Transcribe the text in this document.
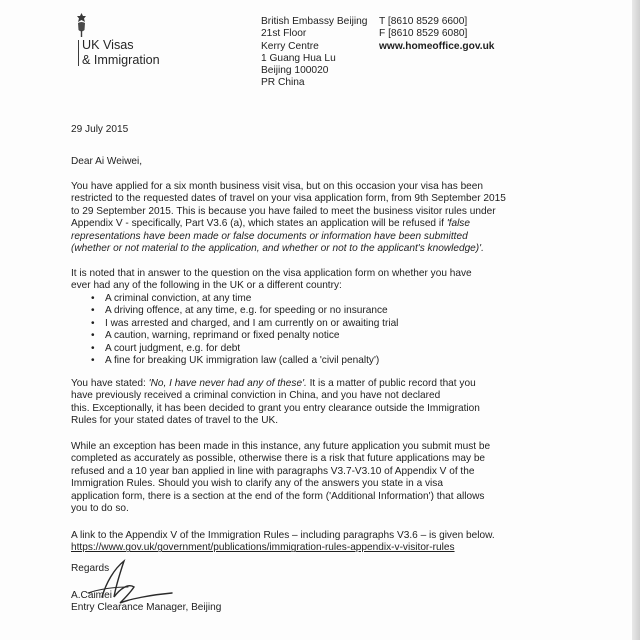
UK Visas
& Immigration
British Embassy Beijing
21st Floor
Kerry Centre
1 Guang Hua Lu
Beijing 100020
PR China
T [8610 8529 6600]
F [8610 8529 6080]
www.homeoffice.gov.uk
29 July 2015
Dear Ai Weiwei,
You have applied for a six month business visit visa, but on this occasion your visa has been
restricted to the requested dates of travel on your visa application form, from 9th September 2015
to 29 September 2015. This is because you have failed to meet the business visitor rules under
Appendix V - specifically, Part V3.6 (a), which states an application will be refused if 'false
representations have been made or false documents or information have been submitted
(whether or not material to the application, and whether or not to the applicant's knowledge)'.
It is noted that in answer to the question on the visa application form on whether you have
ever had any of the following in the UK or a different country:
• A criminal conviction, at any time
• A driving offence, at any time, e.g. for speeding or no insurance
• I was arrested and charged, and I am currently on or awaiting trial
• A caution, warning, reprimand or fixed penalty notice
• A court judgment, e.g. for debt
• A fine for breaking UK immigration law (called a 'civil penalty')
You have stated: 'No, I have never had any of these'. It is a matter of public record that you
have previously received a criminal conviction in China, and you have not declared
this. Exceptionally, it has been decided to grant you entry clearance outside the Immigration
Rules for your stated dates of travel to the UK.
While an exception has been made in this instance, any future application you submit must be
completed as accurately as possible, otherwise there is a risk that future applications may be
refused and a 10 year ban applied in line with paragraphs V3.7-V3.10 of Appendix V of the
Immigration Rules. Should you wish to clarify any of the answers you state in a visa
application form, there is a section at the end of the form ('Additional Information') that allows
you to do so.
A link to the Appendix V of the Immigration Rules – including paragraphs V3.6 – is given below.
https://www.gov.uk/government/publications/immigration-rules-appendix-v-visitor-rules
Regards
A.Caimei
Entry Clearance Manager, Beijing
